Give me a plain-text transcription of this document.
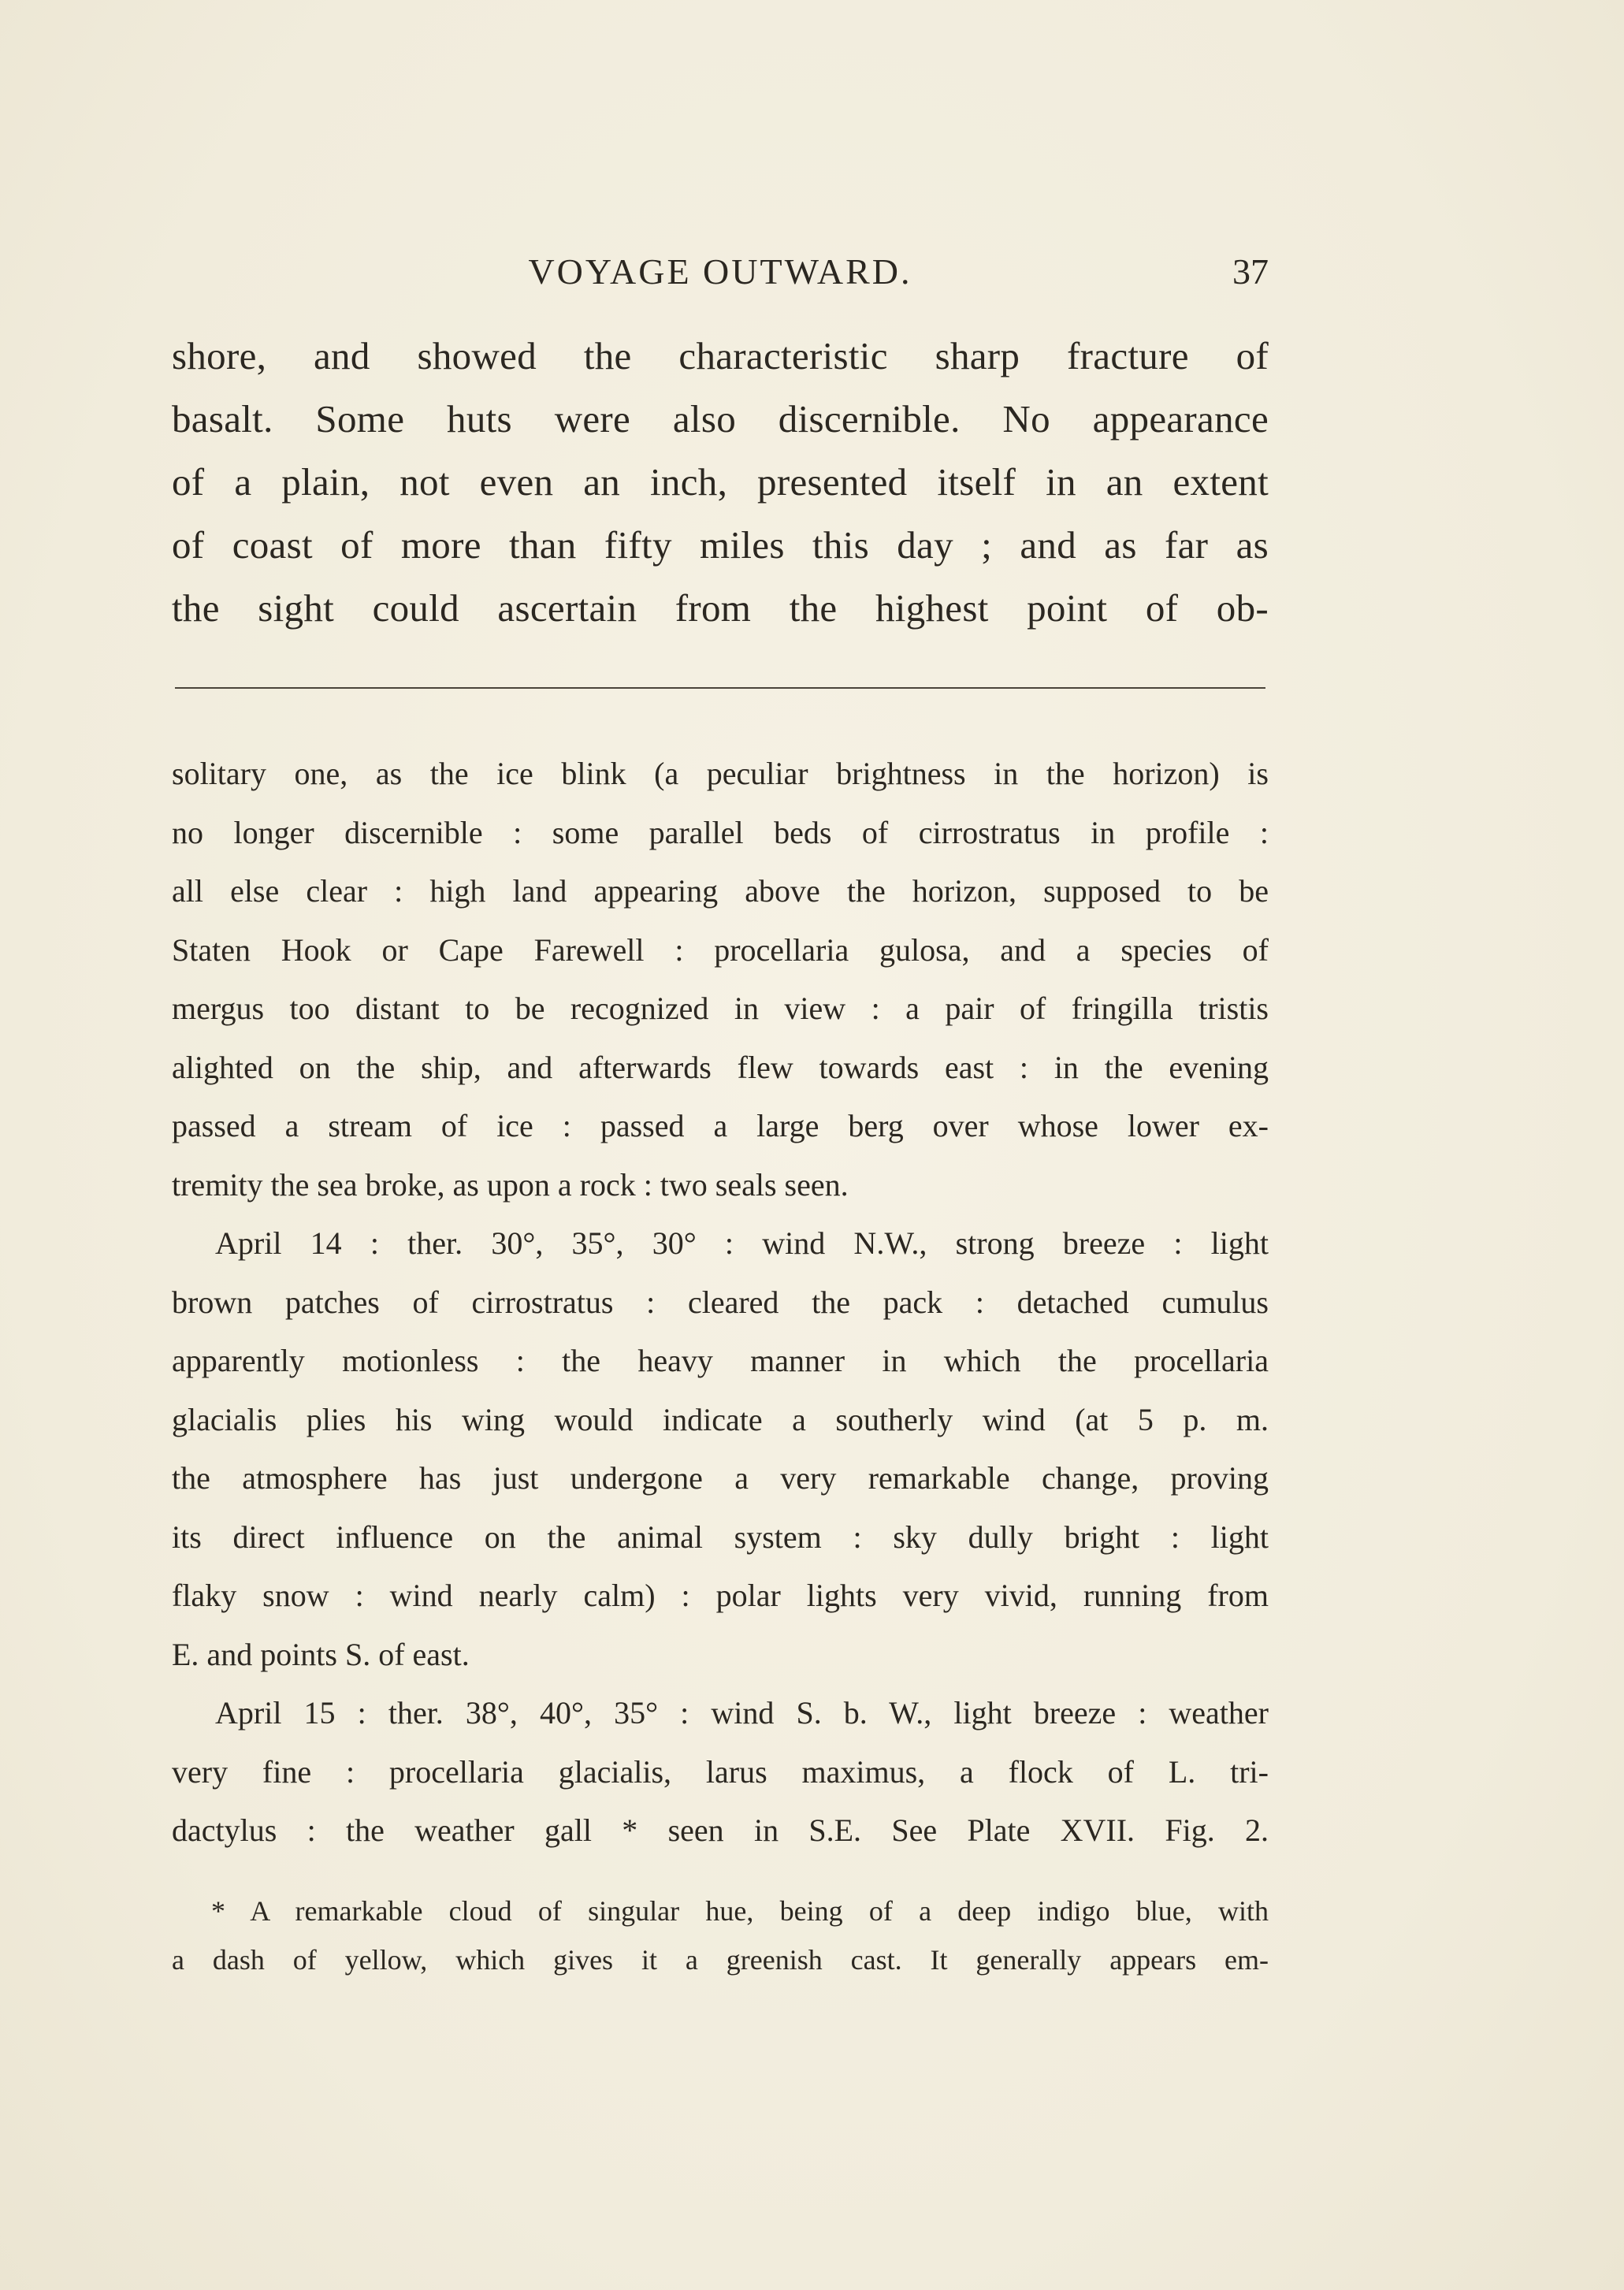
VOYAGE OUTWARD.	37

shore, and showed the characteristic sharp fracture of

basalt. Some huts were also discernible. No appearance

of a plain, not even an inch, presented itself in an extent

of coast of more than fifty miles this day ; and as far as

the sight could ascertain from the highest point of ob-

solitary one, as the ice blink (a peculiar brightness in the horizon) is
no longer discernible : some parallel beds of cirrostratus in profile :
all else clear : high land appearing above the horizon, supposed to be
Staten Hook or Cape Farewell : procellaria gulosa, and a species of
mergus too distant to be recognized in view : a pair of fringilla tristis
alighted on the ship, and afterwards flew towards east : in the evening
passed a stream of ice : passed a large berg over whose lower ex-
tremity the sea broke, as upon a rock : two seals seen.
April 14 : ther. 30°, 35°, 30° : wind N.W., strong breeze : light
brown patches of cirrostratus : cleared the pack : detached cumulus
apparently motionless : the heavy manner in which the procellaria
glacialis plies his wing would indicate a southerly wind (at 5 p. m.
the atmosphere has just undergone a very remarkable change, proving
its direct influence on the animal system : sky dully bright : light
flaky snow : wind nearly calm) : polar lights very vivid, running from
E. and points S. of east.
April 15 : ther. 38°, 40°, 35° : wind S. b. W., light breeze : weather
very fine : procellaria glacialis, larus maximus, a flock of L. tri-
dactylus : the weather gall * seen in S.E. See Plate XVII. Fig. 2.
* A remarkable cloud of singular hue, being of a deep indigo blue, with
a dash of yellow, which gives it a greenish cast. It generally appears em-
